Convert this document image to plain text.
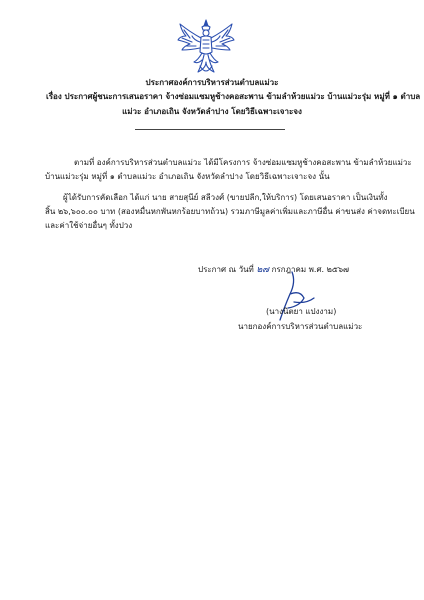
ประกาศองค์การบริหารส่วนตำบลแม่วะ
เรื่อง ประกาศผู้ชนะการเสนอราคา จ้างซ่อมแซมหูช้างคอสะพาน ข้ามลำห้วยแม่วะ บ้านแม่วะรุ่ม หมู่ที่ ๑ ตำบล
แม่วะ อำเภอเถิน จังหวัดลำปาง โดยวิธีเฉพาะเจาะจง
ตามที่ องค์การบริหารส่วนตำบลแม่วะ ได้มีโครงการ จ้างซ่อมแซมหูช้างคอสะพาน ข้ามลำห้วยแม่วะ
บ้านแม่วะรุ่ม หมู่ที่ ๑ ตำบลแม่วะ อำเภอเถิน จังหวัดลำปาง โดยวิธีเฉพาะเจาะจง นั้น
ผู้ได้รับการคัดเลือก ได้แก่ นาย สายสุนีย์ สลีวงศ์ (ขายปลีก,ให้บริการ) โดยเสนอราคา เป็นเงินทั้ง
สิ้น ๒๖,๖๐๐.๐๐ บาท (สองหมื่นหกพันหกร้อยบาทถ้วน) รวมภาษีมูลค่าเพิ่มและภาษีอื่น ค่าขนส่ง ค่าจดทะเบียน
และค่าใช้จ่ายอื่นๆ ทั้งปวง
ประกาศ ณ วันที่ ๒๗ กรกฎาคม พ.ศ. ๒๕๖๗
(นางนิตยา แปงงาม)
นายกองค์การบริหารส่วนตำบลแม่วะ
